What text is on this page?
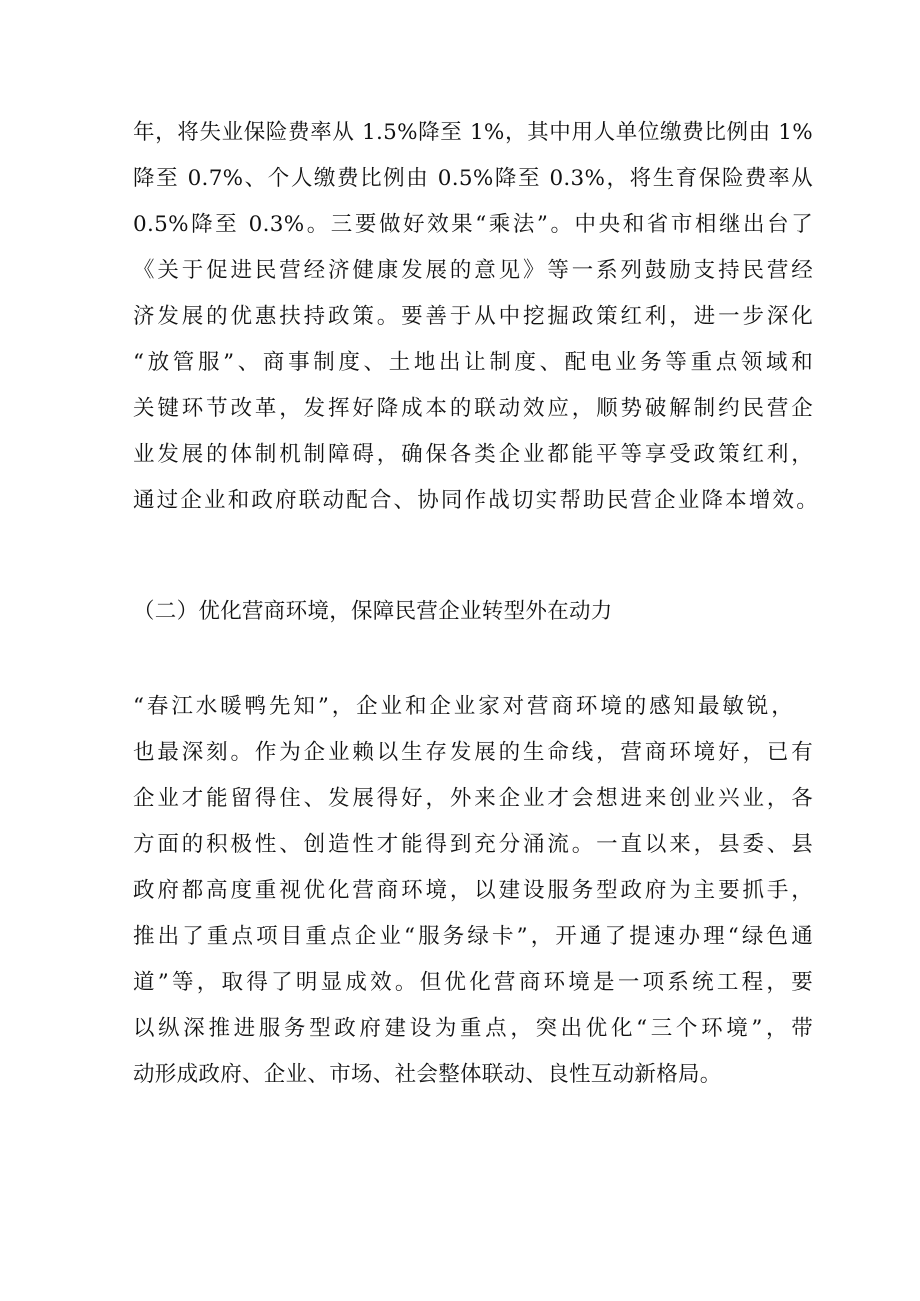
年，将失业保险费率从 1.5%降至 1%，其中用人单位缴费比例由 1%
降至 0.7%、个人缴费比例由 0.5%降至 0.3%，将生育保险费率从
0.5%降至 0.3%。三要做好效果“乘法”。中央和省市相继出台了
《关于促进民营经济健康发展的意见》等一系列鼓励支持民营经
济发展的优惠扶持政策。要善于从中挖掘政策红利，进一步深化
“放管服”、商事制度、土地出让制度、配电业务等重点领域和
关键环节改革，发挥好降成本的联动效应，顺势破解制约民营企
业发展的体制机制障碍，确保各类企业都能平等享受政策红利，
通过企业和政府联动配合、协同作战切实帮助民营企业降本增效。
（二）优化营商环境，保障民营企业转型外在动力
“春江水暖鸭先知”，企业和企业家对营商环境的感知最敏锐，
也最深刻。作为企业赖以生存发展的生命线，营商环境好，已有
企业才能留得住、发展得好，外来企业才会想进来创业兴业，各
方面的积极性、创造性才能得到充分涌流。一直以来，县委、县
政府都高度重视优化营商环境，以建设服务型政府为主要抓手，
推出了重点项目重点企业“服务绿卡”，开通了提速办理“绿色通
道”等，取得了明显成效。但优化营商环境是一项系统工程，要
以纵深推进服务型政府建设为重点，突出优化“三个环境”，带
动形成政府、企业、市场、社会整体联动、良性互动新格局。
